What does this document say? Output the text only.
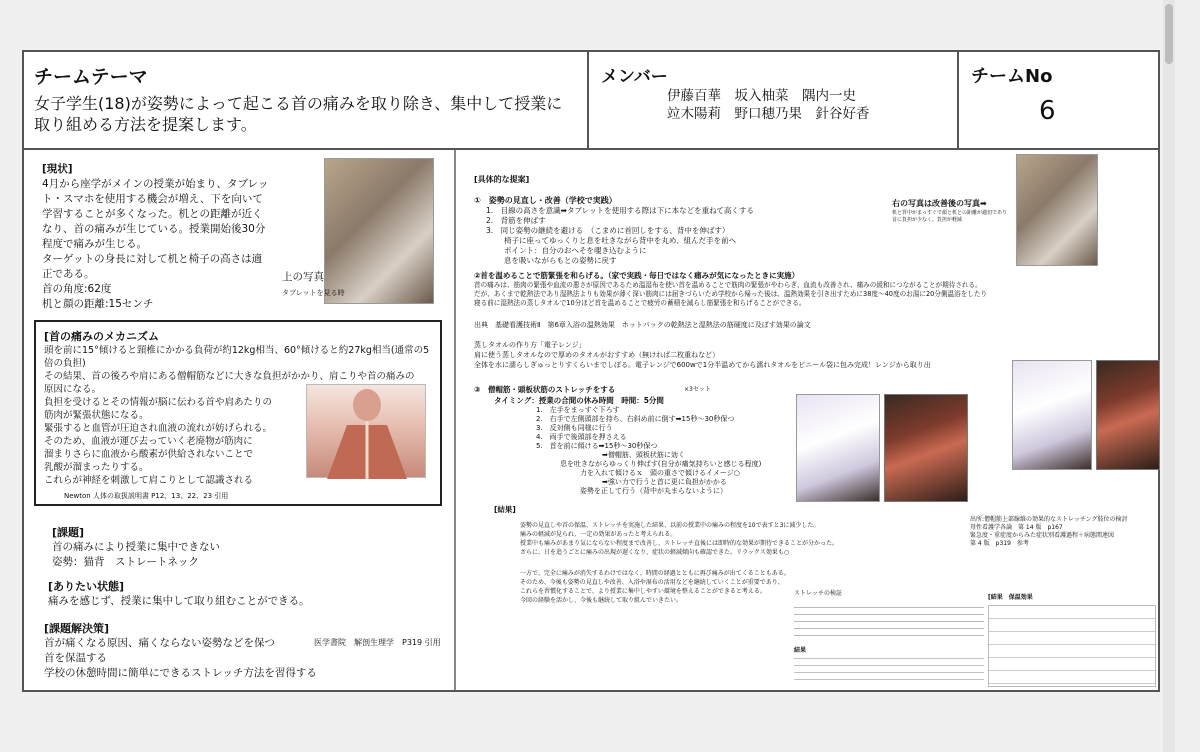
チームテーマ
女子学生(18)が姿勢によって起こる首の痛みを取り除き、集中して授業に取り組める方法を提案します。
メンバー
伊藤百華　坂入柚菜　隅内一史
竝木陽莉　野口穂乃果　針谷好香
チームNo
6
[現状]
4月から座学がメインの授業が始まり、タブレッ
ト・スマホを使用する機会が増え、下を向いて
学習することが多くなった。机との距離が近く
なり、首の痛みが生じている。授業開始後30分
程度で痛みが生じる。
ターゲットの身長に対して机と椅子の高さは適
正である。
首の角度:62度
机と顔の距離:15センチ
上の写真
タブレットを見る時
[首の痛みのメカニズム
頭を前に15°傾けると頸椎にかかる負荷が約12kg相当、60°傾けると約27kg相当(通常の5
倍の負担)
その結果、首の後ろや肩にある僧帽筋などに大きな負担がかかり、肩こりや首の痛みの
原因になる。
負担を受けるとその情報が脳に伝わる首や肩あたりの
筋肉が緊張状態になる。
緊張すると血管が圧迫され血液の流れが妨げられる。
そのため、血液が運び去っていく老廃物が筋肉に
溜まりさらに血液から酸素が供給されないことで
乳酸が溜まったりする。
これらが神経を刺激して肩こりとして認識される
Newton 人体の取扱説明書 P12、13、22、23 引用
[課題]
首の痛みにより授業に集中できない
姿勢：猫背　ストレートネック
[ありたい状態]
痛みを感じず、授業に集中して取り組むことができる。
[課題解決策]
首が痛くなる原因、痛くならない姿勢などを保つ
首を保温する
学校の休憩時間に簡単にできるストレッチ方法を習得する
医学書院　解剖生理学　P319 引用
[具体的な提案]
①　姿勢の見直し・改善（学校で実践）
1.　目線の高さを意識➡タブレットを使用する際は下に本などを重ねて高くする
2.　背筋を伸ばす
3.　同じ姿勢の継続を避ける　（こまめに首回しをする、背中を伸ばす）
椅子に座ってゆっくりと息を吐きながら背中を丸め、組んだ手を前へ
ポイント：自分のおへそを覗き込むように
息を吸いながらもとの姿勢に戻す
右の写真は改善後の写真➡
机と背中がまっすぐで顔と机との距離が適切であり首に負担が少なく、負担が軽減
②首を温めることで筋緊張を和らげる。（家で実践・毎日ではなく痛みが気になったときに実施）
首の痛みは、筋肉の緊張や血流の悪さが原因であるため温湿布を使い首を温めることで筋肉の緊張がやわらぎ、血流も改善され、痛みの緩和につながることが期待される。
だが、あくまで乾熱法であり湿熱法よりも効果が薄く深い筋肉には届きづらいため学校から帰った後は、温熱効果を引き出すために38度～40度のお湯に20分側温浴をしたり
寝る前に湿熱法の蒸しタオルで10分ほど首を温めることで疲労の蓄積を減らし筋緊張を和らげることができる。
出典　基礎看護技術Ⅱ　第6章入浴の温熱効果　ホットパックの乾熱法と湿熱法の筋硬度に及ぼす効果の論文
蒸しタオルの作り方「電子レンジ」
肩に使う蒸しタオルなので厚めのタオルがおすすめ（無ければ二枚重ねなど）
全体を水に濡らしぎゅっとりすくらいまでしぼる。電子レンジで600wで1分半温めてから濡れタオルをビニール袋に包み完成！レンジから取り出
③　僧帽筋・頭板状筋のストレッチをする	×3セット
タイミング：授業の合間の休み時間　時間：5分間
1.　左手をまっすぐ下ろす
2.　右手で左側頭部を持ち、右斜め前に倒す➡15秒～30秒保つ
3.　反対側も同様に行う
4.　両手で後頭部を押さえる
5.　首を前に傾ける➡15秒～30秒保つ
➡僧帽筋、頭板状筋に効く
息を吐きながらゆっくり伸ばす(自分が痛気持ちいと感じる程度)
力を入れて傾けるｘ　頭の重さで傾けるイメージ○
➡強い力で行うと首に更に負担がかかる
姿勢を正して行う（背中が丸まらないように）
出所:僧帽筋上部線維の効果的なストレッチング肢位の検討
母性看護学各論　第 14 版　p167
緊急度・重症度からみた症状別看護過程＋病態関連図
第 4 版　p319　参考
[結果]
姿勢の見直しや首の保温、ストレッチを実施した結果、以前の授業中の痛みの程度を10で表すと3に減少した。
痛みの軽減が見られ、一定の効果があったと考えられる。
授業中も痛みがあまり気にならない程度まで改善し、ストレッチ直後には即時的な効果が期待できることが分かった。
さらに、日を追うごとに痛みの出現が遅くなり、症状の軽減傾向も確認できた。リラックス効果も○
一方で、完全に痛みが消失するわけではなく、時間の経過とともに再び痛みが出てくることもある。
そのため、今後も姿勢の見直しや改善、入浴や湿布の活用などを継続していくことが重要であり、
これらを習慣化することで、より授業に集中しやすい環境を整えることができると考える。
今回の経験を活かし、今後も継続して取り組んでいきたい。
ストレッチの検証
結果
[結果　保温効果
